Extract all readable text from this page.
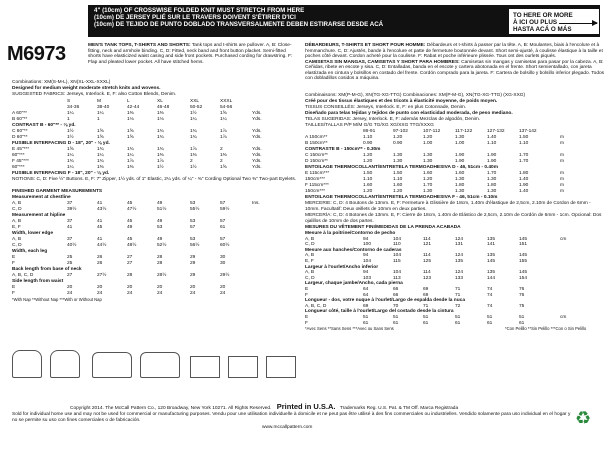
4" (10cm) OF CROSSWISE FOLDED KNIT MUST STRETCH FROM HERE
(10cm) DE JERSEY PLIÉ SUR LE TRAVERS DOIVENT S'ÉTIRER D'ICI
(10cm) DE TEJIDO DE PUNTO DOBLADO TRANSVERSALMENTE DEBEN ESTIRARSE DESDE ACÁ
TO HERE OR MORE
À ICI OU PLUS
HASTA ACÁ O MÁS
M6973	MEN'S TANK TOPS, T-SHIRTS AND SHORTS: Tank tops and t-shirts are pullover. A, B: Close-fitting, neck and armhole binding. C, D: Fitted, neck band and front button placket. Semi-fitted shorts have elasticized waist casing and side front pockets. Purchased cording for drawstring. F: Flap and pleated lower pocket. All have stitched hems.
DÉBARDEURS, T-SHIRTS ET SHORT POUR HOMME: Débardeurs et t-shirts à passer par la tête. A, B: Moulantes, biais à l'encolure et à l'emmanchure. C, D: Ajustés, bande à l'encolure et patte de fermeture boutonnée devant. Short semi-ajusté, à coulisse élastique à la taille et poches côté devant. Cordon acheté pour la coulisse. F: Rabat et poche inférieure plissée. Tous ont des ourlets piqués.
CAMISETAS SIN MANGAS, CAMISETAS Y SHORT PARA HOMBRES: Camisetas sin mangas y camisetas para pasar por la cabeza. A, B: Ceñidas, ribete en escote y sisa. C, D: Entalladas, banda en el escote y cartera abotonada en el frente. Short semientallado, con jareta elastizada en cintura y bolsillos en costado del frente. Cordón comprado para la jareta. F: Cartera de bolsillo y bolsillo inferior plegado. Todos con dobladillos cosidos a máquina.
Combinations: XM(S-M-L), XN(XL-XXL-XXXL)
Designed for medium weight moderate stretch knits and wovens.
SUGGESTED FABRICS: Jerseys, Interlock. E, F: also Cotton Blends, Denim.
S	M	L	XL	XXL	XXXL
34-36	38-40	42-44	46-48	50-52	54-56
A 60"**	1¼	1¼	1⅜	1⅜	1½	1⅝	Yds.
B 60"**	1	1	1⅛	1⅛	1¼	1¼	Yds.
CONTRAST B - 60"** - ⅛ yd.
C 60"**	1½	1⅝	1⅝	1¾	1¾	1⅞	Yds.
D 60"**	1½	1⅝	1⅝	1¾	1¾	1⅞	Yds.
FUSIBLE INTERFACING D - 18", 20" - ⅛ yd.
E 45"***	1⅝	1¾	1¾	1¾	1⅞	2	Yds.
60"***	1¼	1¼	1¼	1⅜	1⅜	1⅜	Yds.
F 45"***	1¾	1¾	1⅞	1⅞	2	2	Yds.
60"***	1¼	1⅜	1⅜	1½	1½	1⅝	Yds.
FUSIBLE INTERFACING F - 18", 20" - ⅛ yd.
NOTIONS: C, D: Five ½" Buttons. E, F: 7" Zipper, 1½ yds. of 1" Elastic, 2¼ yds. of ¼" - ⅜" Cording Optional Two ⅜" Two-part Eyelets.
FINISHED GARMENT MEASUREMENTS
Measurement at chestline
A, B	37	41	45	49	53	57	Ins.
C, D	39½	43½	47½	51½	55½	59½
Measurement at hipline
A, B	37	41	45	49	53	57
E, F	41	45	49	53	57	61
Width, lower edge
A, B	37	41	45	49	53	57
C, D	40½	44½	48½	52½	56½	60½
Width, each leg
E	25	26	27	28	29	30
F	25	26	27	28	29	30
Back length from base of neck
A, B, C, D	27	27½	28	28½	29	29½
Side length from waist
E	20	20	20	20	20	20
F	24	24	24	24	24	24
*With Nap **Without Nap ***With or Without Nap
Combinaisons: XM(P-M-G), XN(TG-XG-TTG) Combinaciones: XM(P-M-G), XN(TG-XG-TTG) (XG-XXG)
Créé pour des tissus élastiques et des tricots à élasticité moyenne, de poids moyen.
TISSUS CONSEILLÉS: Jerseys, Interlock. E, F: en plus Cotonnade, Denim.
Diseñado para telas tejidas y tejidos de punto con elasticidad moderada, de peso mediano.
TELAS SUGERIDAS: Jersey, Interlock. E, F: además Mezclas de algodón, Denim.
TAILLES/TALLAS P/P M/M G/G TG/XG XG/XXG TTG/XXXG
86-91	97-102	107-112	117-122	127-132	137-142
A 150cm**	1.10	1.20	1.20	1.30	1.40	1.50	m
B 150cm**	0.90	0.90	1.00	1.00	1.10	1.10	m
CONTRASTE B - 150cm** - 0.30m
C 150cm**	1.20	1.30	1.30	1.90	1.90	1.70	m
D 150cm**	1.20	1.30	1.30	1.90	1.90	1.70	m
ENTOILAGE THERMOCOLLANT/ENTRETELA TERMOADHESIVA D - 46, 51cm - 0.40m
E 115cm***	1.50	1.50	1.60	1.60	1.70	1.80	m
150cm***	1.10	1.10	1.20	1.30	1.30	1.40	m
F 115cm***	1.60	1.60	1.70	1.80	1.80	1.90	m
150cm***	1.20	1.20	1.30	1.30	1.30	1.40	m
ENTOILAGE THERMOCOLLANT/ENTRETELA TERMOADHESIVA F - 46, 51cm - 0.10m
MERCERIE: C, D: 4 Boutons de 13mm. E, F: Fermeture à Glissière de 18cm, 1.40m d'élastique de 2,5cm, 2.10m de Cordon de 6mm - 10mm. Facultatif: Deux œillets de 10mm en deux parties.
MERCERÍA: C, D: 4 Botones de 13mm. E, F: Cierre de 18cm, 1.40m de Elástico de 2,5cm, 2.10m de Cordón de 6mm - 1cm. Opcional: Dos ojalillos de 10mm de dos partes.
MESURES DU VÊTEMENT FINI/MEDIDAS DE LA PRENDA ACABADA
Mesure à la poitrine/Contorno de pecho
A, B	94	104	114	124	135	145	cm
C, D	100	110	121	131	141	151
Mesure aux hanches/Contorno de caderas
A, B	94	104	114	124	135	145
E, F	104	115	125	135	145	155
Largeur à l'ourlet/Ancho inferior
A, B	94	104	114	124	135	145
C, D	103	113	123	133	144	154
Largeur, chaque jambe/Ancho, cada pierna
E	64	66	69	71	74	76
F	64	66	69	71	74	76
Longueur - dos, votre nuque à l'ourlet/Largo de espalda desde la nuca
A, B, C, D	69	70	71	72	74	75
Longueur côté, taille à l'ourlet/Largo del costado desde la cintura
E	51	51	51	51	51	51	cm
F	61	61	61	61	61	61
*Avec Sens **Sans Sens ***Avec ou Sans Sens	*Con Pelillo **Sin Pelillo ***Con o Sin Pelillo
Copyright 2014. The McCall Pattern Co., 120 Broadway, New York 10271. All Rights Reserved. Printed in U.S.A. Trademarks Reg. U.S. Pat. & TM Off. Marca Registrada
Sold for individual home use and may not be used for commercial or manufacturing purposes. Vendu pour une utilisation individuelle à domicile et ne peut pas être utilisé à des fins commerciales ou industrielles. Vendido solamente para uso individual en el hogar y no se permite su uso con fines comerciales o de fabricación.
www.mccallpattern.com	♻
